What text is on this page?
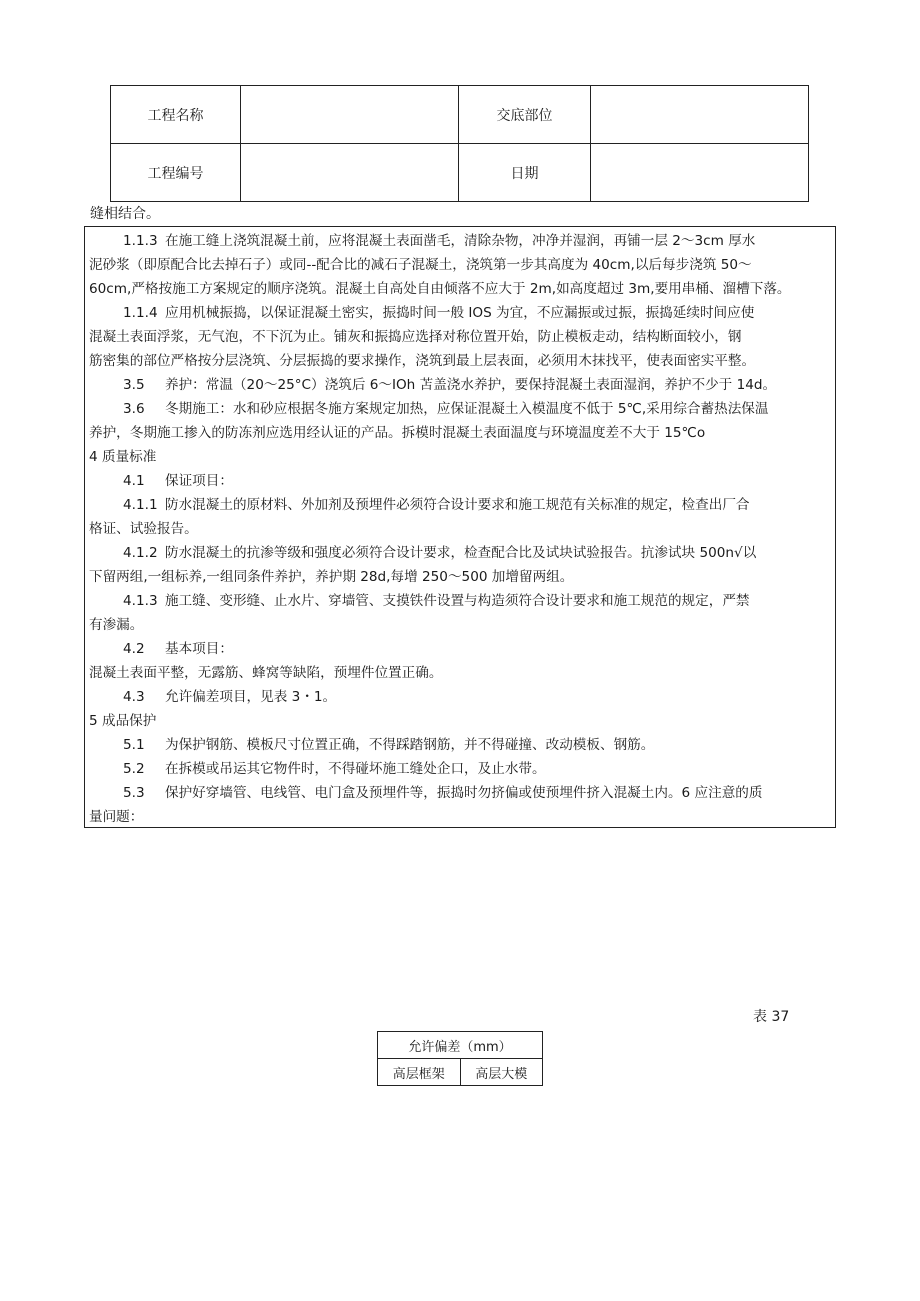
工程名称		交底部位	
工程编号		日期	
缝相结合。
1.1.3 在施工缝上浇筑混凝土前，应将混凝土表面凿毛，清除杂物，冲净并湿润，再铺一层 2～3cm 厚水
泥砂浆（即原配合比去掉石子）或同--配合比的减石子混凝土，浇筑第一步其高度为 40cm,以后每步浇筑 50～
60cm,严格按施工方案规定的顺序浇筑。混凝土自高处自由倾落不应大于 2m,如高度超过 3m,要用串桶、溜槽下落。
1.1.4 应用机械振捣，以保证混凝土密实，振捣时间一般 IOS 为宜，不应漏振或过振，振捣延续时间应使
混凝土表面浮浆，无气泡，不下沉为止。铺灰和振捣应选择对称位置开始，防止模板走动，结构断面较小，钢
筋密集的部位严格按分层浇筑、分层振捣的要求操作，浇筑到最上层表面，必须用木抹找平，使表面密实平整。
3.5 养护：常温（20～25°C）浇筑后 6～IOh 苫盖浇水养护，要保持混凝土表面湿润，养护不少于 14d。
3.6 冬期施工：水和砂应根据冬施方案规定加热，应保证混凝土入模温度不低于 5℃,采用综合蓄热法保温
养护，冬期施工掺入的防冻剂应选用经认证的产品。拆模时混凝土表面温度与环境温度差不大于 15℃o
4 质量标准
4.1 保证项目：
4.1.1 防水混凝土的原材料、外加剂及预埋件必须符合设计要求和施工规范有关标准的规定，检查出厂合
格证、试验报告。
4.1.2 防水混凝土的抗渗等级和强度必须符合设计要求，检查配合比及试块试验报告。抗渗试块 500n√以
下留两组,一组标养,一组同条件养护，养护期 28d,每增 250～500 加增留两组。
4.1.3 施工缝、变形缝、止水片、穿墙管、支摸铁件设置与构造须符合设计要求和施工规范的规定，严禁
有渗漏。
4.2 基本项目：
混凝土表面平整，无露筋、蜂窝等缺陷，预埋件位置正确。
4.3 允许偏差项目，见表 3・1。
5 成品保护
5.1 为保护钢筋、模板尺寸位置正确，不得踩踏钢筋，并不得碰撞、改动模板、钢筋。
5.2 在拆模或吊运其它物件时，不得碰坏施工缝处企口，及止水带。
5.3 保护好穿墙管、电线管、电门盒及预埋件等，振捣时勿挤偏或使预埋件挤入混凝土内。6 应注意的质
量问题：
表 37
允许偏差（mm）
高层框架	高层大模
